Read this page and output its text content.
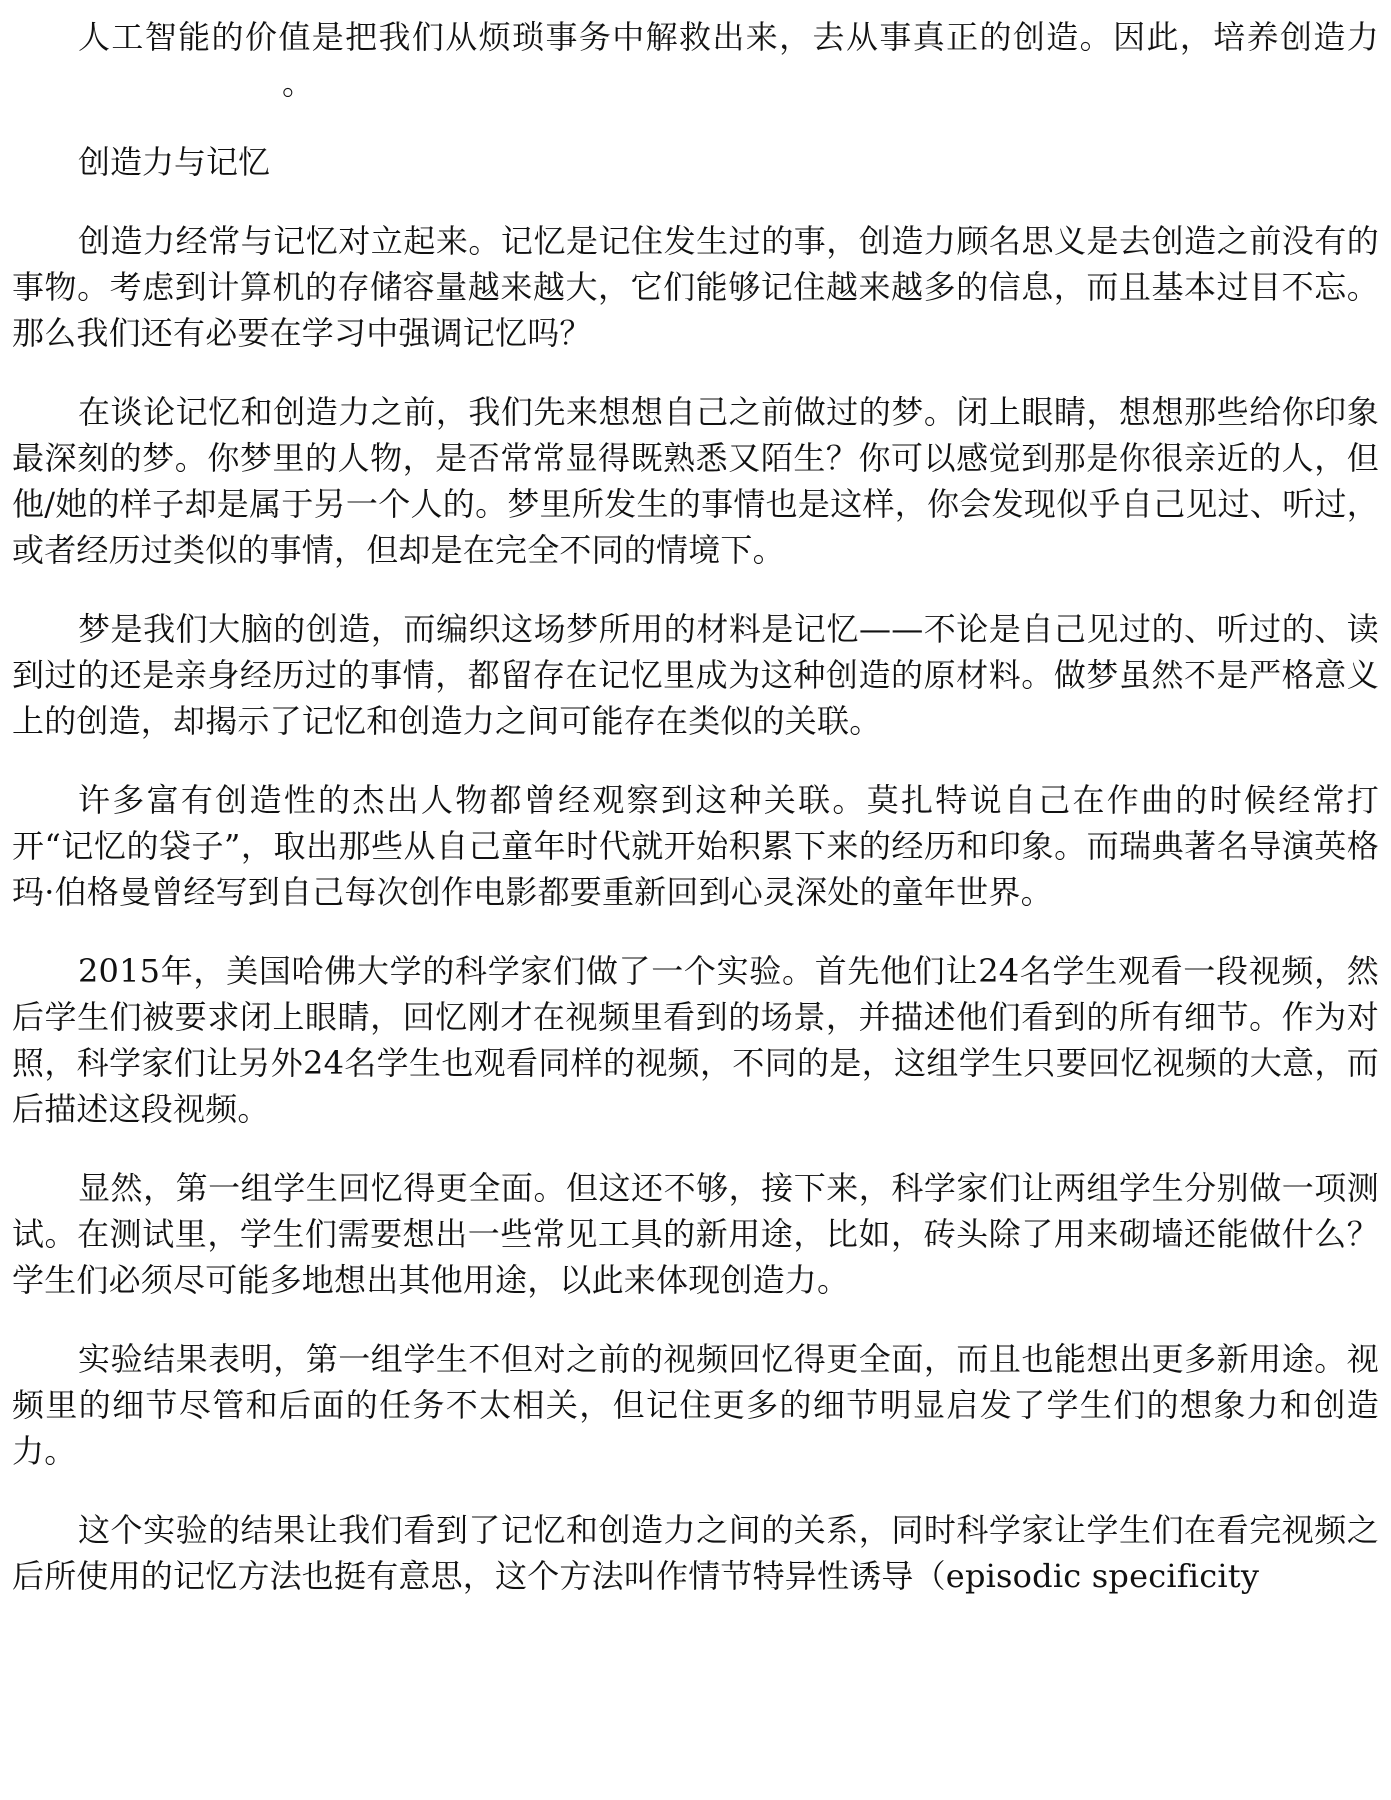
人工智能的价值是把我们从烦琐事务中解救出来，去从事真正的创造。因此，培养创造力。

创造力与记忆

创造力经常与记忆对立起来。记忆是记住发生过的事，创造力顾名思义是去创造之前没有的事物。考虑到计算机的存储容量越来越大，它们能够记住越来越多的信息，而且基本过目不忘。那么我们还有必要在学习中强调记忆吗？

在谈论记忆和创造力之前，我们先来想想自己之前做过的梦。闭上眼睛，想想那些给你印象最深刻的梦。你梦里的人物，是否常常显得既熟悉又陌生？你可以感觉到那是你很亲近的人，但他/她的样子却是属于另一个人的。梦里所发生的事情也是这样，你会发现似乎自己见过、听过，或者经历过类似的事情，但却是在完全不同的情境下。

梦是我们大脑的创造，而编织这场梦所用的材料是记忆——不论是自己见过的、听过的、读到过的还是亲身经历过的事情，都留存在记忆里成为这种创造的原材料。做梦虽然不是严格意义上的创造，却揭示了记忆和创造力之间可能存在类似的关联。

许多富有创造性的杰出人物都曾经观察到这种关联。莫扎特说自己在作曲的时候经常打开“记忆的袋子”，取出那些从自己童年时代就开始积累下来的经历和印象。而瑞典著名导演英格玛·伯格曼曾经写到自己每次创作电影都要重新回到心灵深处的童年世界。

2015年，美国哈佛大学的科学家们做了一个实验。首先他们让24名学生观看一段视频，然后学生们被要求闭上眼睛，回忆刚才在视频里看到的场景，并描述他们看到的所有细节。作为对照，科学家们让另外24名学生也观看同样的视频，不同的是，这组学生只要回忆视频的大意，而后描述这段视频。

显然，第一组学生回忆得更全面。但这还不够，接下来，科学家们让两组学生分别做一项测试。在测试里，学生们需要想出一些常见工具的新用途，比如，砖头除了用来砌墙还能做什么？学生们必须尽可能多地想出其他用途，以此来体现创造力。

实验结果表明，第一组学生不但对之前的视频回忆得更全面，而且也能想出更多新用途。视频里的细节尽管和后面的任务不太相关，但记住更多的细节明显启发了学生们的想象力和创造力。

这个实验的结果让我们看到了记忆和创造力之间的关系，同时科学家让学生们在看完视频之后所使用的记忆方法也挺有意思，这个方法叫作情节特异性诱导（episodic specificity
